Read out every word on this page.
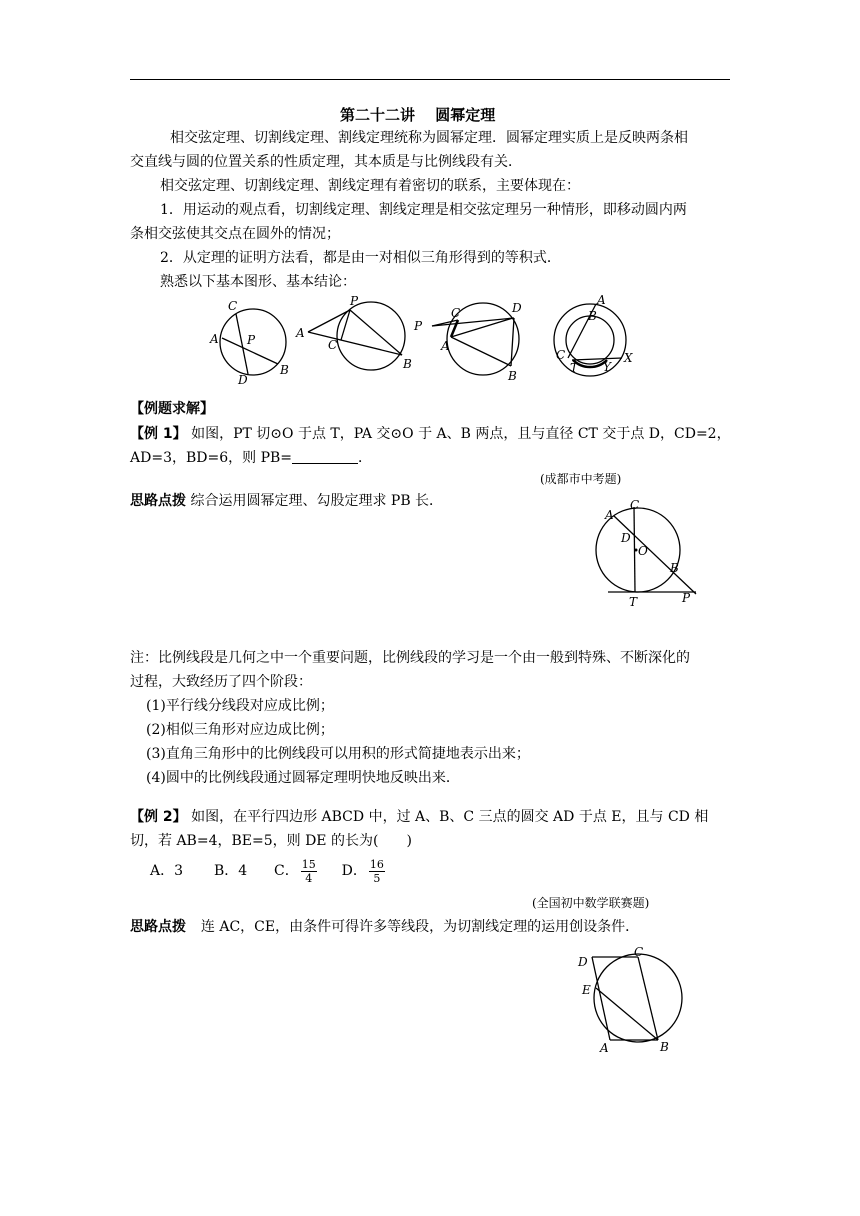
第二十二讲　 圆幂定理
相交弦定理、切割线定理、割线定理统称为圆幂定理．圆幂定理实质上是反映两条相
交直线与圆的位置关系的性质定理，其本质是与比例线段有关．
相交弦定理、切割线定理、割线定理有着密切的联系，主要体现在：
1．用运动的观点看，切割线定理、割线定理是相交弦定理另一种情形，即移动圆内两
条相交弦使其交点在圆外的情况；
2．从定理的证明方法看，都是由一对相似三角形得到的等积式．
熟悉以下基本图形、基本结论：
C
A P
D
B
P
A
C
B
P
C
A
D
B
A
B
C
T Y
X
【例题求解】
【例 1】 如图，PT 切⊙O 于点 T，PA 交⊙O 于 A、B 两点，且与直径 CT 交于点 D，CD=2，
AD=3，BD=6，则 PB=	．
(成都市中考题)
思路点拨 综合运用圆幂定理、勾股定理求 PB 长．	C
A
D
O
B
T	P
注：比例线段是几何之中一个重要问题，比例线段的学习是一个由一般到特殊、不断深化的
过程，大致经历了四个阶段：
(1)平行线分线段对应成比例；
(2)相似三角形对应边成比例；
(3)直角三角形中的比例线段可以用积的形式简捷地表示出来；
(4)圆中的比例线段通过圆幂定理明快地反映出来．
【例 2】 如图，在平行四边形 ABCD 中，过 A、B、C 三点的圆交 AD 于点 E，且与 CD 相
切，若 AB=4，BE=5，则 DE 的长为(　　)
A．3 B．4 C． $\frac{15}{4}$ D． $\frac{16}{5}$
(全国初中数学联赛题)
思路点拨 连 AC，CE，由条件可得许多等线段，为切割线定理的运用创设条件．
D
C
E
A	B
